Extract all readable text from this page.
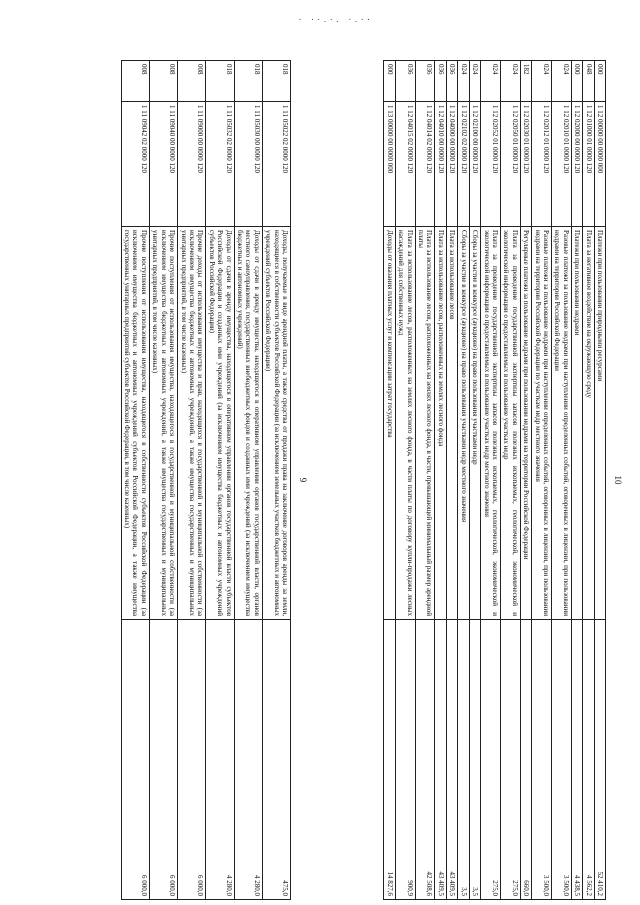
· ··.·. ·.··
9
018
1 11 05022 02 0000 120
Доходы, получаемые в виде арендной платы, а также средства от продажи права на заключение договоров аренды за земли, находящиеся в собственности субъектов Российской Федерации (за исключением земельных участков бюджетных и автономных учреждений субъектов Российской Федерации)
475,0
018
1 11 05030 00 0000 120
Доходы от сдачи в аренду имущества, находящегося в оперативном управлении органов государственной власти, органов местного самоуправления, государственных внебюджетных фондов и созданных ими учреждений (за исключением имущества бюджетных и автономных учреждений)
4 280,0
018
1 11 05032 02 0000 120
Доходы от сдачи в аренду имущества, находящегося в оперативном управлении органов государственной власти субъектов Российской Федерации и созданных ими учреждений (за исключением имущества бюджетных и автономных учреждений субъектов Российской Федерации)
4 280,0
008
1 11 09000 00 0000 120
Прочие доходы от использования имущества и прав, находящихся в государственной и муниципальной собственности (за исключением имущества бюджетных и автономных учреждений, а также имущества государственных и муниципальных унитарных предприятий, в том числе казенных)
6 000,0
008
1 11 09040 00 0000 120
Прочие поступления от использования имущества, находящегося в государственной и муниципальной собственности (за исключением имущества бюджетных и автономных учреждений, а также имущества государственных и муниципальных унитарных предприятий, в том числе казенных)
6 000,0
008
1 11 09042 02 0000 120
Прочие поступления от использования имущества, находящегося в собственности субъектов Российской Федерации (за исключением имущества бюджетных и автономных учреждений субъектов Российской Федерации, а также имущества государственных унитарных предприятий субъектов Российской Федерации, в том числе казенных)
6 000,0
10
000
1 12 00000 00 0000 000
Платежи при пользовании природными ресурсами
52 410,2
048
1 12 01000 01 0000 120
Плата за негативное воздействие на окружающую среду
4 562,2
000
1 12 02000 00 0000 120
Платежи при пользовании недрами
4 438,5
024
1 12 02010 01 0000 120
Разовые платежи за пользование недрами при наступлении определенных событий, оговоренных в лицензии, при пользовании недрами на территории Российской Федерации
3 500,0
024
1 12 02012 01 0000 120
Разовые платежи за пользование недрами при наступлении определенных событий, оговоренных в лицензии, при пользовании недрами на территории Российской Федерации по участкам недр местного значения
3 500,0
182
1 12 02030 01 0000 120
Регулярные платежи за пользование недрами при пользовании недрами на территории Российской Федерации
660,0
024
1 12 02050 01 0000 120
Плата за проведение государственной экспертизы запасов полезных ископаемых, геологической, экономической и экологической информации о предоставляемых в пользование участках недр
275,0
024
1 12 02052 01 0000 120
Плата за проведение государственной экспертизы запасов полезных ископаемых, геологической, экономической и экологической информации о предоставляемых в пользование участках недр местного значения
275,0
024
1 12 02100 00 0000 120
Сборы за участие в конкурсе (аукционе) на право пользования участками недр
3,5
024
1 12 02102 02 0000 120
Сборы за участие в конкурсе (аукционе) на право пользования участками недр местного значения
3,5
036
1 12 04000 00 0000 120
Плата за использование лесов
43 409,5
036
1 12 04010 00 0000 120
Плата за использование лесов, расположенных на землях лесного фонда
43 409,5
036
1 12 04014 02 0000 120
Плата за использование лесов, расположенных на землях лесного фонда, в части, превышающей минимальный размер арендной платы
42 508,6
036
1 12 04015 02 0000 120
Плата за использование лесов, расположенных на землях лесного фонда, в части платы по договору купли-продажи лесных насаждений для собственных нужд
900,9
000
1 13 00000 00 0000 000
Доходы от оказания платных услуг и компенсации затрат государства
14 827,6
